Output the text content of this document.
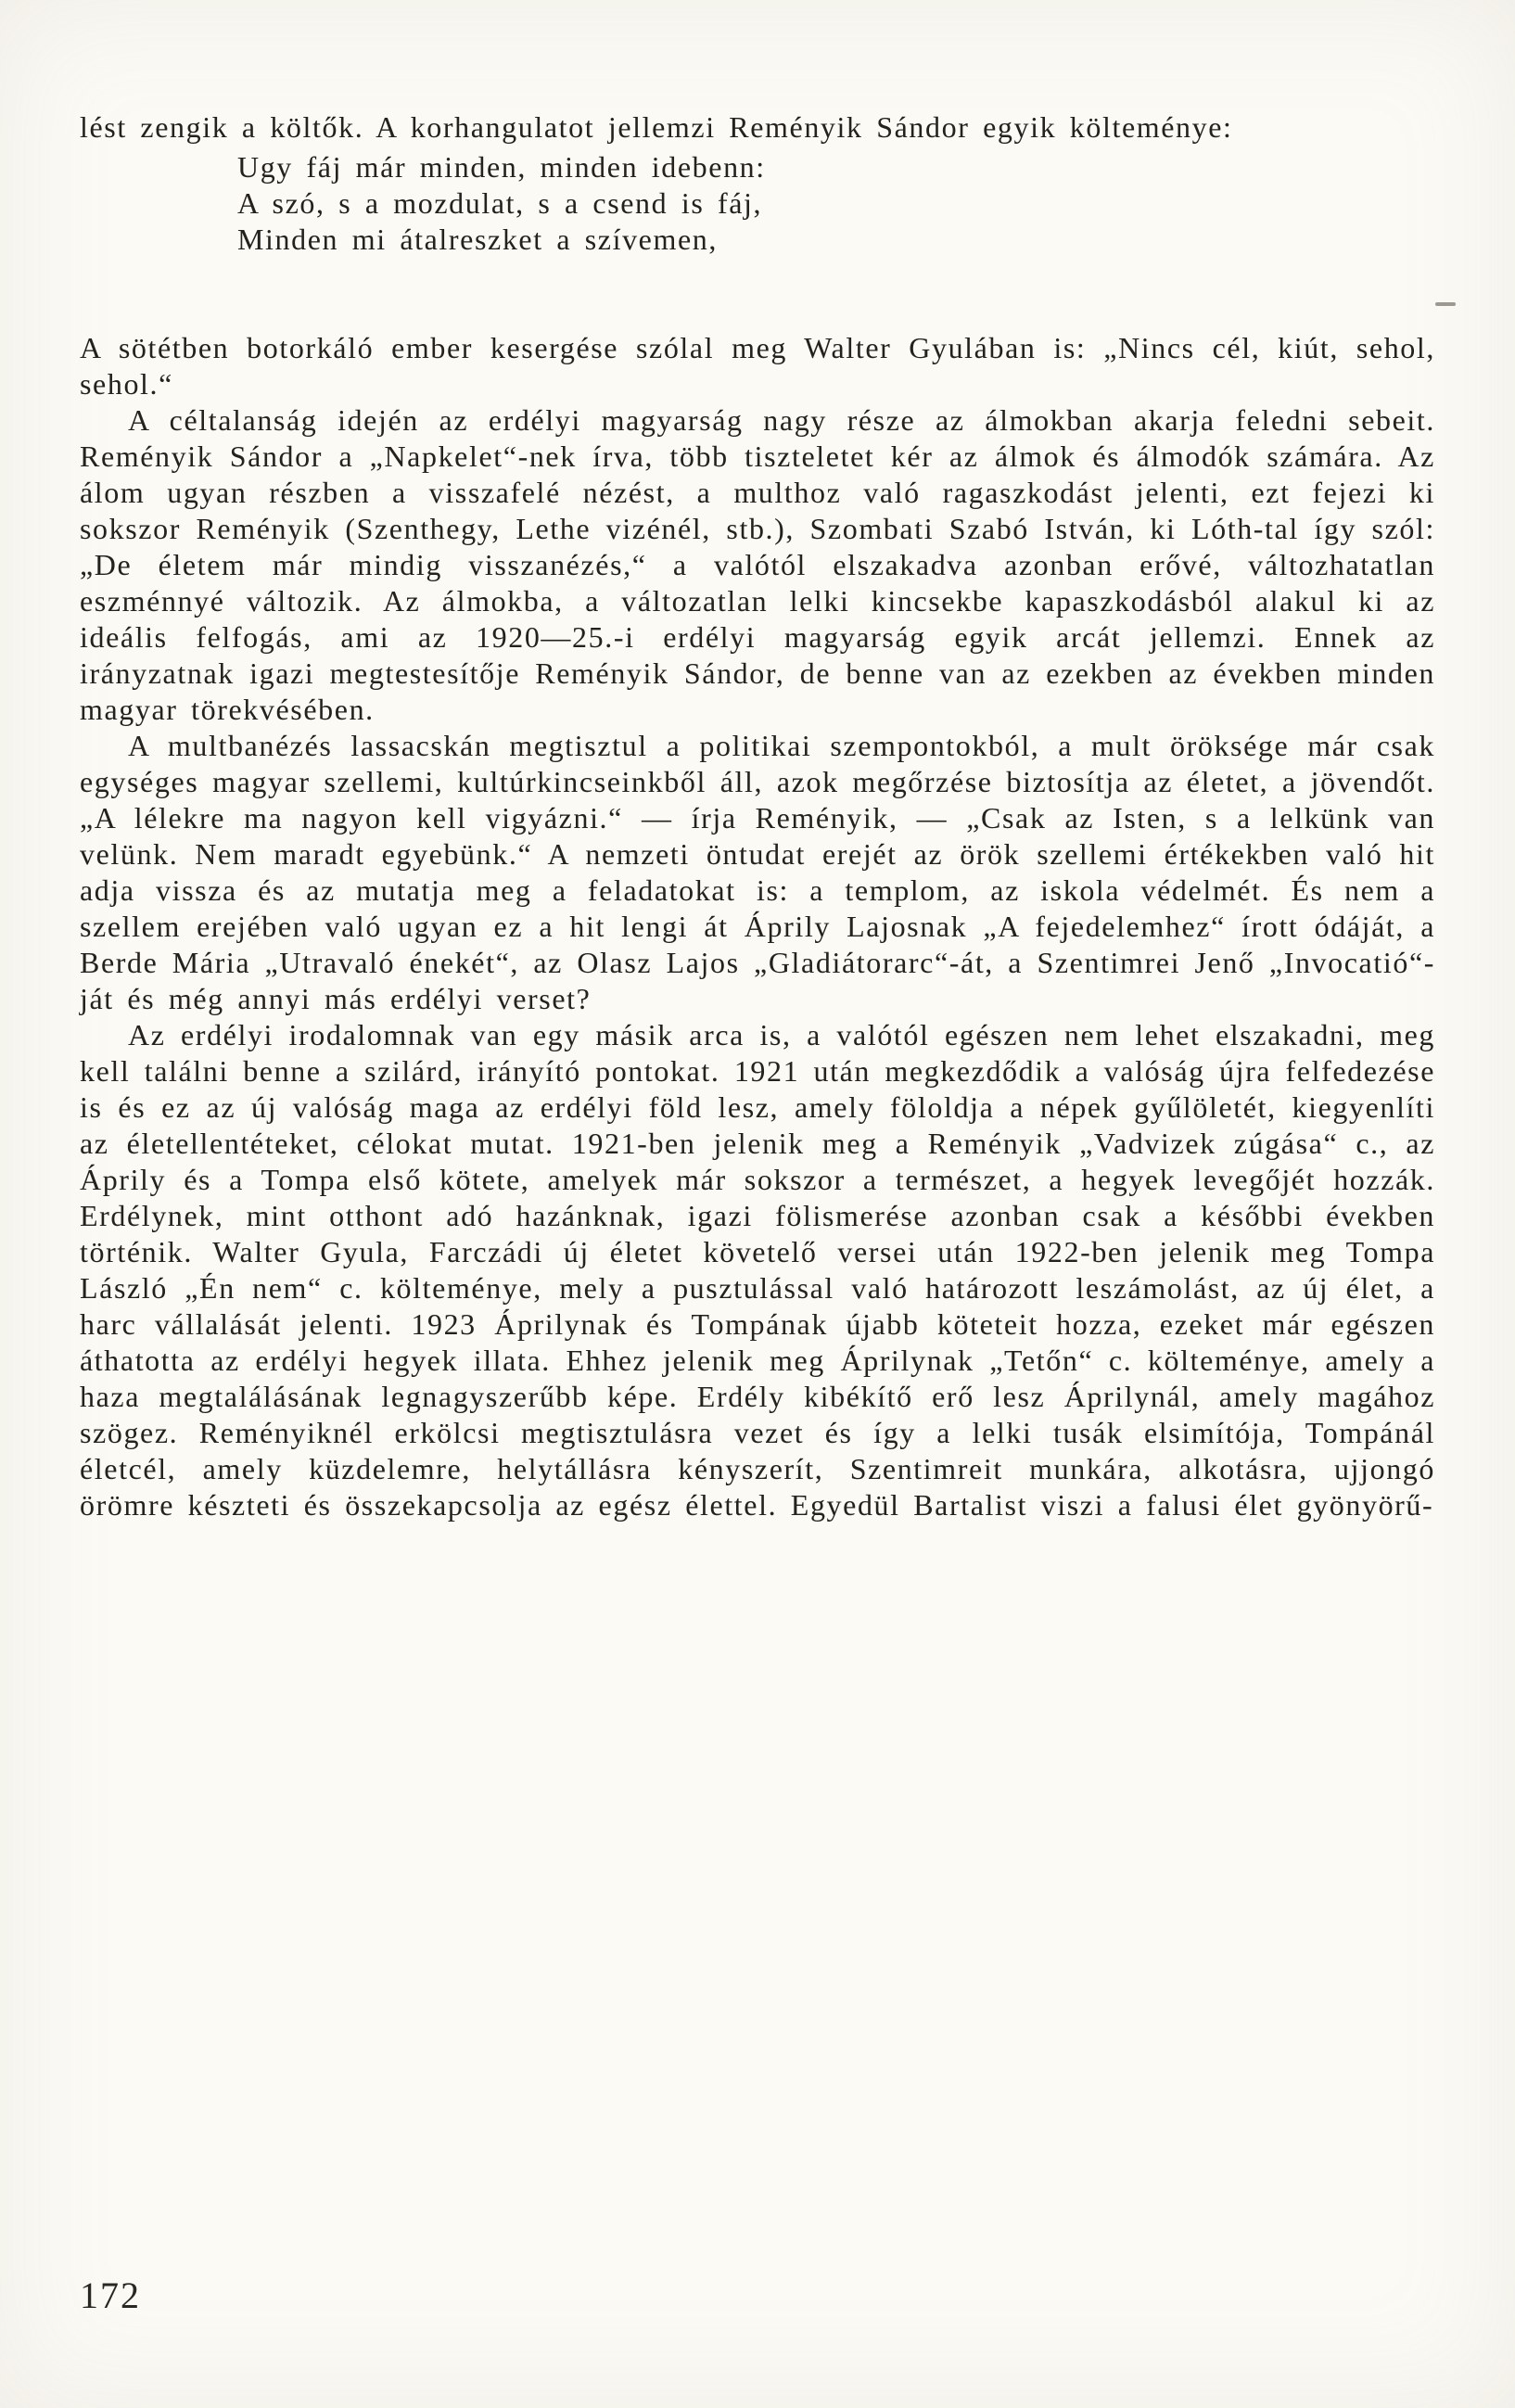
lést zengik a költők. A korhangulatot jellemzi Reményik Sándor egyik költeménye:

Ugy fáj már minden, minden idebenn:
A szó, s a mozdulat, s a csend is fáj,
Minden mi átalreszket a szívemen,

A sötétben botorkáló ember kesergése szólal meg Walter Gyulában is: „Nincs cél, kiút, sehol, sehol.“

A céltalanság idején az erdélyi magyarság nagy része az álmokban akarja feledni sebeit. Reményik Sándor a „Napkelet“-nek írva, több tiszteletet kér az álmok és álmodók számára. Az álom ugyan részben a visszafelé nézést, a multhoz való ragaszkodást jelenti, ezt fejezi ki sokszor Reményik (Szenthegy, Lethe vizénél, stb.), Szombati Szabó István, ki Lóth-tal így szól: „De életem már mindig visszanézés,“ a valótól elszakadva azonban erővé, változhatatlan eszménnyé változik. Az álmokba, a változatlan lelki kincsekbe kapaszkodásból alakul ki az ideális felfogás, ami az 1920—25.-i erdélyi magyarság egyik arcát jellemzi. Ennek az irányzatnak igazi megtestesítője Reményik Sándor, de benne van az ezekben az években minden magyar törekvésében.

A multbanézés lassacskán megtisztul a politikai szempontokból, a mult öröksége már csak egységes magyar szellemi, kultúrkincseinkből áll, azok megőrzése biztosítja az életet, a jövendőt. „A lélekre ma nagyon kell vigyázni.“ — írja Reményik, — „Csak az Isten, s a lelkünk van velünk. Nem maradt egyebünk.“ A nemzeti öntudat erejét az örök szellemi értékekben való hit adja vissza és az mutatja meg a feladatokat is: a templom, az iskola védelmét. És nem a szellem erejében való ugyan ez a hit lengi át Áprily Lajosnak „A fejedelemhez“ írott ódáját, a Berde Mária „Utravaló énekét“, az Olasz Lajos „Gladiátorarc“-át, a Szentimrei Jenő „Invocatió“-ját és még annyi más erdélyi verset?

Az erdélyi irodalomnak van egy másik arca is, a valótól egészen nem lehet elszakadni, meg kell találni benne a szilárd, irányító pontokat. 1921 után megkezdődik a valóság újra felfedezése is és ez az új valóság maga az erdélyi föld lesz, amely föloldja a népek gyűlöletét, kiegyenlíti az életellentéteket, célokat mutat. 1921-ben jelenik meg a Reményik „Vadvizek zúgása“ c., az Áprily és a Tompa első kötete, amelyek már sokszor a természet, a hegyek levegőjét hozzák. Erdélynek, mint otthont adó hazánknak, igazi fölismerése azonban csak a későbbi években történik. Walter Gyula, Farczádi új életet követelő versei után 1922-ben jelenik meg Tompa László „Én nem“ c. költeménye, mely a pusztulással való határozott leszámolást, az új élet, a harc vállalását jelenti. 1923 Áprilynak és Tompának újabb köteteit hozza, ezeket már egészen áthatotta az erdélyi hegyek illata. Ehhez jelenik meg Áprilynak „Tetőn“ c. költeménye, amely a haza megtalálásának legnagyszerűbb képe. Erdély kibékítő erő lesz Áprilynál, amely magához szögez. Reményiknél erkölcsi megtisztulásra vezet és így a lelki tusák elsimítója, Tompánál életcél, amely küzdelemre, helytállásra kényszerít, Szentimreit munkára, alkotásra, ujjongó örömre készteti és összekapcsolja az egész élettel. Egyedül Bartalist viszi a falusi élet gyönyörű-

172
